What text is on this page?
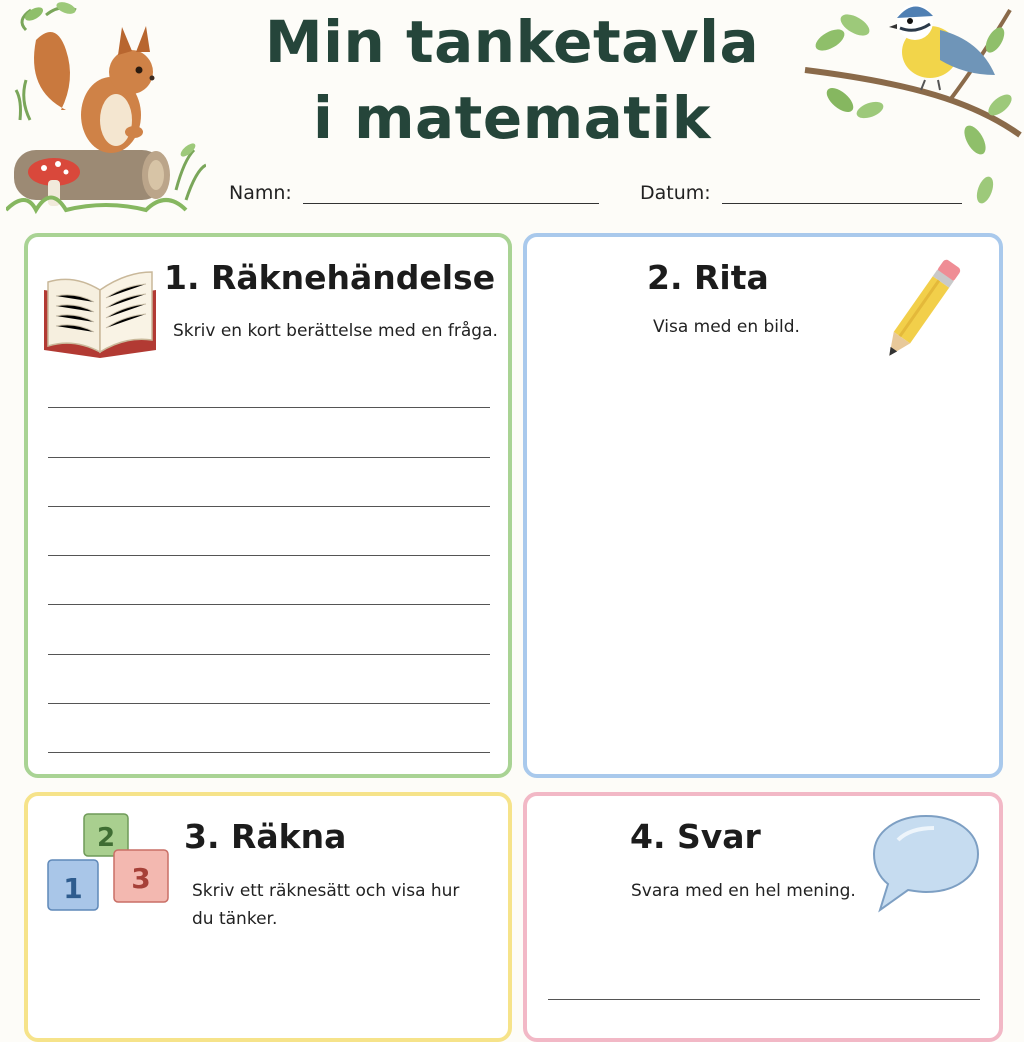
Min tanketavla
i matematik
Namn:	Datum:
1. Räknehändelse
Skriv en kort berättelse med en fråga.
2. Rita
Visa med en bild.
2
1 3
3. Räkna
Skriv ett räknesätt och visa hur
du tänker.
4. Svar
Svara med en hel mening.
